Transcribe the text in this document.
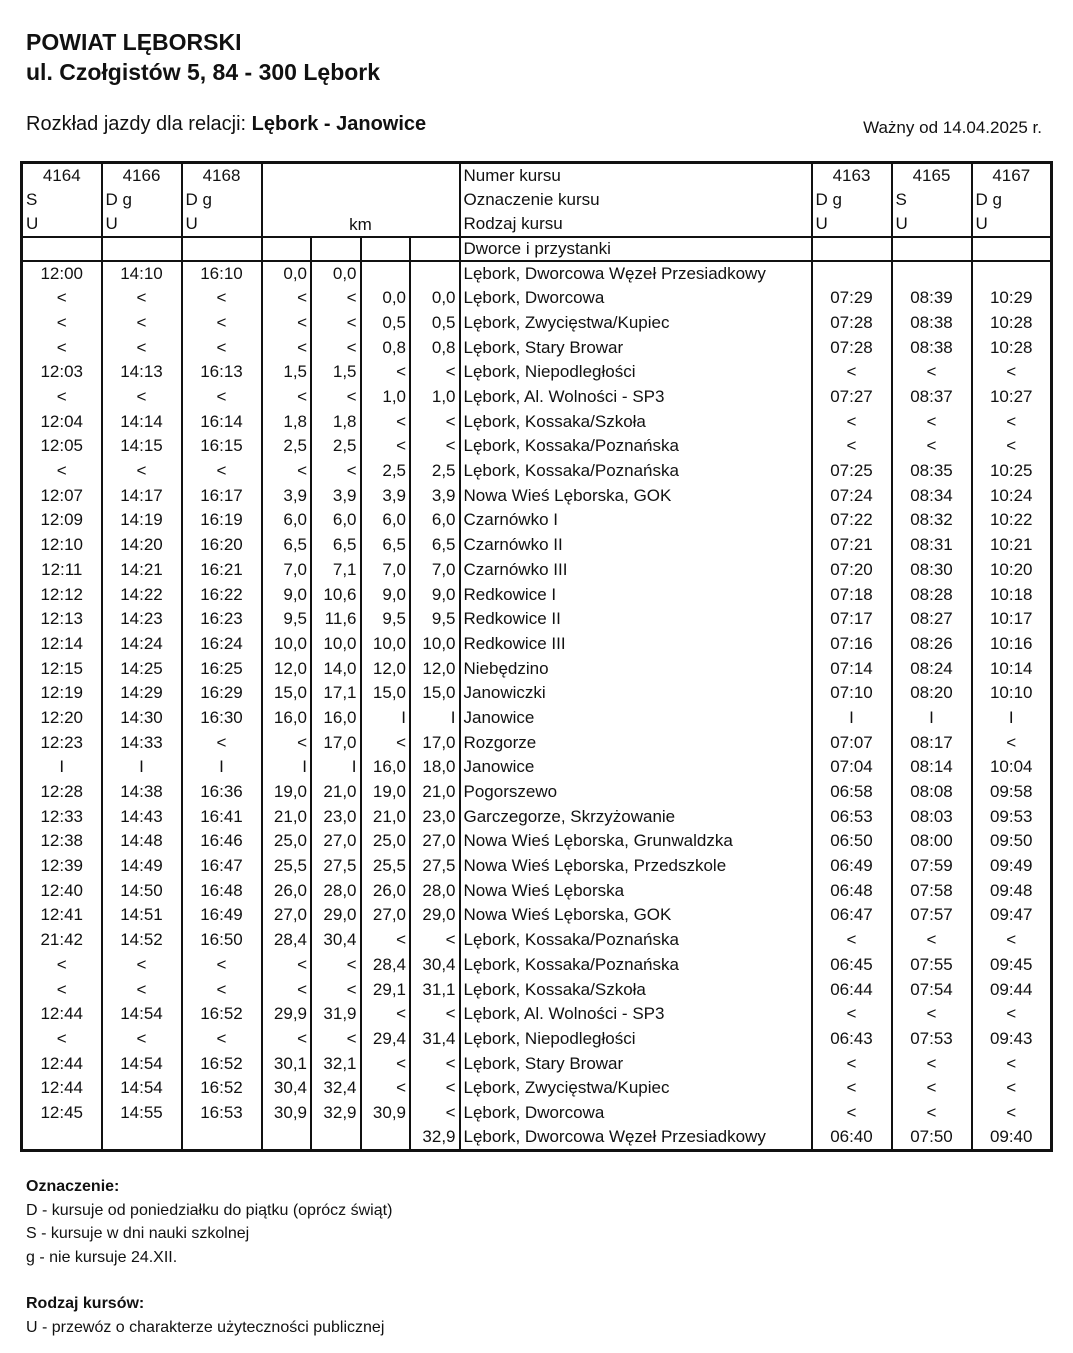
POWIAT LĘBORSKI
ul. Czołgistów 5, 84 - 300 Lębork
Rozkład jazdy dla relacji: Lębork - Janowice	Ważny od 14.04.2025 r.
4164	4166	4168					Numer kursu	4163	4165	4167
S	D g	D g	km				Oznaczenie kursu	D g	S	D g
U	U	U					Rodzaj kursu	U	U	U
							Dworce i przystanki			
12:00	14:10	16:10	0,0	0,0			Lębork, Dworcowa Węzeł Przesiadkowy			
<	<	<	<	<	0,0	0,0	Lębork, Dworcowa	07:29	08:39	10:29
<	<	<	<	<	0,5	0,5	Lębork, Zwycięstwa/Kupiec	07:28	08:38	10:28
<	<	<	<	<	0,8	0,8	Lębork, Stary Browar	07:28	08:38	10:28
12:03	14:13	16:13	1,5	1,5	<	<	Lębork, Niepodległości	<	<	<
<	<	<	<	<	1,0	1,0	Lębork, Al. Wolności - SP3	07:27	08:37	10:27
12:04	14:14	16:14	1,8	1,8	<	<	Lębork, Kossaka/Szkoła	<	<	<
12:05	14:15	16:15	2,5	2,5	<	<	Lębork, Kossaka/Poznańska	<	<	<
<	<	<	<	<	2,5	2,5	Lębork, Kossaka/Poznańska	07:25	08:35	10:25
12:07	14:17	16:17	3,9	3,9	3,9	3,9	Nowa Wieś Lęborska, GOK	07:24	08:34	10:24
12:09	14:19	16:19	6,0	6,0	6,0	6,0	Czarnówko I	07:22	08:32	10:22
12:10	14:20	16:20	6,5	6,5	6,5	6,5	Czarnówko II	07:21	08:31	10:21
12:11	14:21	16:21	7,0	7,1	7,0	7,0	Czarnówko III	07:20	08:30	10:20
12:12	14:22	16:22	9,0	10,6	9,0	9,0	Redkowice I	07:18	08:28	10:18
12:13	14:23	16:23	9,5	11,6	9,5	9,5	Redkowice II	07:17	08:27	10:17
12:14	14:24	16:24	10,0	10,0	10,0	10,0	Redkowice III	07:16	08:26	10:16
12:15	14:25	16:25	12,0	14,0	12,0	12,0	Niebędzino	07:14	08:24	10:14
12:19	14:29	16:29	15,0	17,1	15,0	15,0	Janowiczki	07:10	08:20	10:10
12:20	14:30	16:30	16,0	16,0	I	I	Janowice	I	I	I
12:23	14:33	<	<	17,0	<	17,0	Rozgorze	07:07	08:17	<
I	I	I	I	I	16,0	18,0	Janowice	07:04	08:14	10:04
12:28	14:38	16:36	19,0	21,0	19,0	21,0	Pogorszewo	06:58	08:08	09:58
12:33	14:43	16:41	21,0	23,0	21,0	23,0	Garczegorze, Skrzyżowanie	06:53	08:03	09:53
12:38	14:48	16:46	25,0	27,0	25,0	27,0	Nowa Wieś Lęborska, Grunwaldzka	06:50	08:00	09:50
12:39	14:49	16:47	25,5	27,5	25,5	27,5	Nowa Wieś Lęborska, Przedszkole	06:49	07:59	09:49
12:40	14:50	16:48	26,0	28,0	26,0	28,0	Nowa Wieś Lęborska	06:48	07:58	09:48
12:41	14:51	16:49	27,0	29,0	27,0	29,0	Nowa Wieś Lęborska, GOK	06:47	07:57	09:47
21:42	14:52	16:50	28,4	30,4	<	<	Lębork, Kossaka/Poznańska	<	<	<
<	<	<	<	<	28,4	30,4	Lębork, Kossaka/Poznańska	06:45	07:55	09:45
<	<	<	<	<	29,1	31,1	Lębork, Kossaka/Szkoła	06:44	07:54	09:44
12:44	14:54	16:52	29,9	31,9	<	<	Lębork, Al. Wolności - SP3	<	<	<
<	<	<	<	<	29,4	31,4	Lębork, Niepodległości	06:43	07:53	09:43
12:44	14:54	16:52	30,1	32,1	<	<	Lębork, Stary Browar	<	<	<
12:44	14:54	16:52	30,4	32,4	<	<	Lębork, Zwycięstwa/Kupiec	<	<	<
12:45	14:55	16:53	30,9	32,9	30,9	<	Lębork, Dworcowa	<	<	<
						32,9	Lębork, Dworcowa Węzeł Przesiadkowy	06:40	07:50	09:40
Oznaczenie:
D - kursuje od poniedziałku do piątku (oprócz świąt)
S - kursuje w dni nauki szkolnej
g - nie kursuje 24.XII.
Rodzaj kursów:
U - przewóz o charakterze użyteczności publicznej
